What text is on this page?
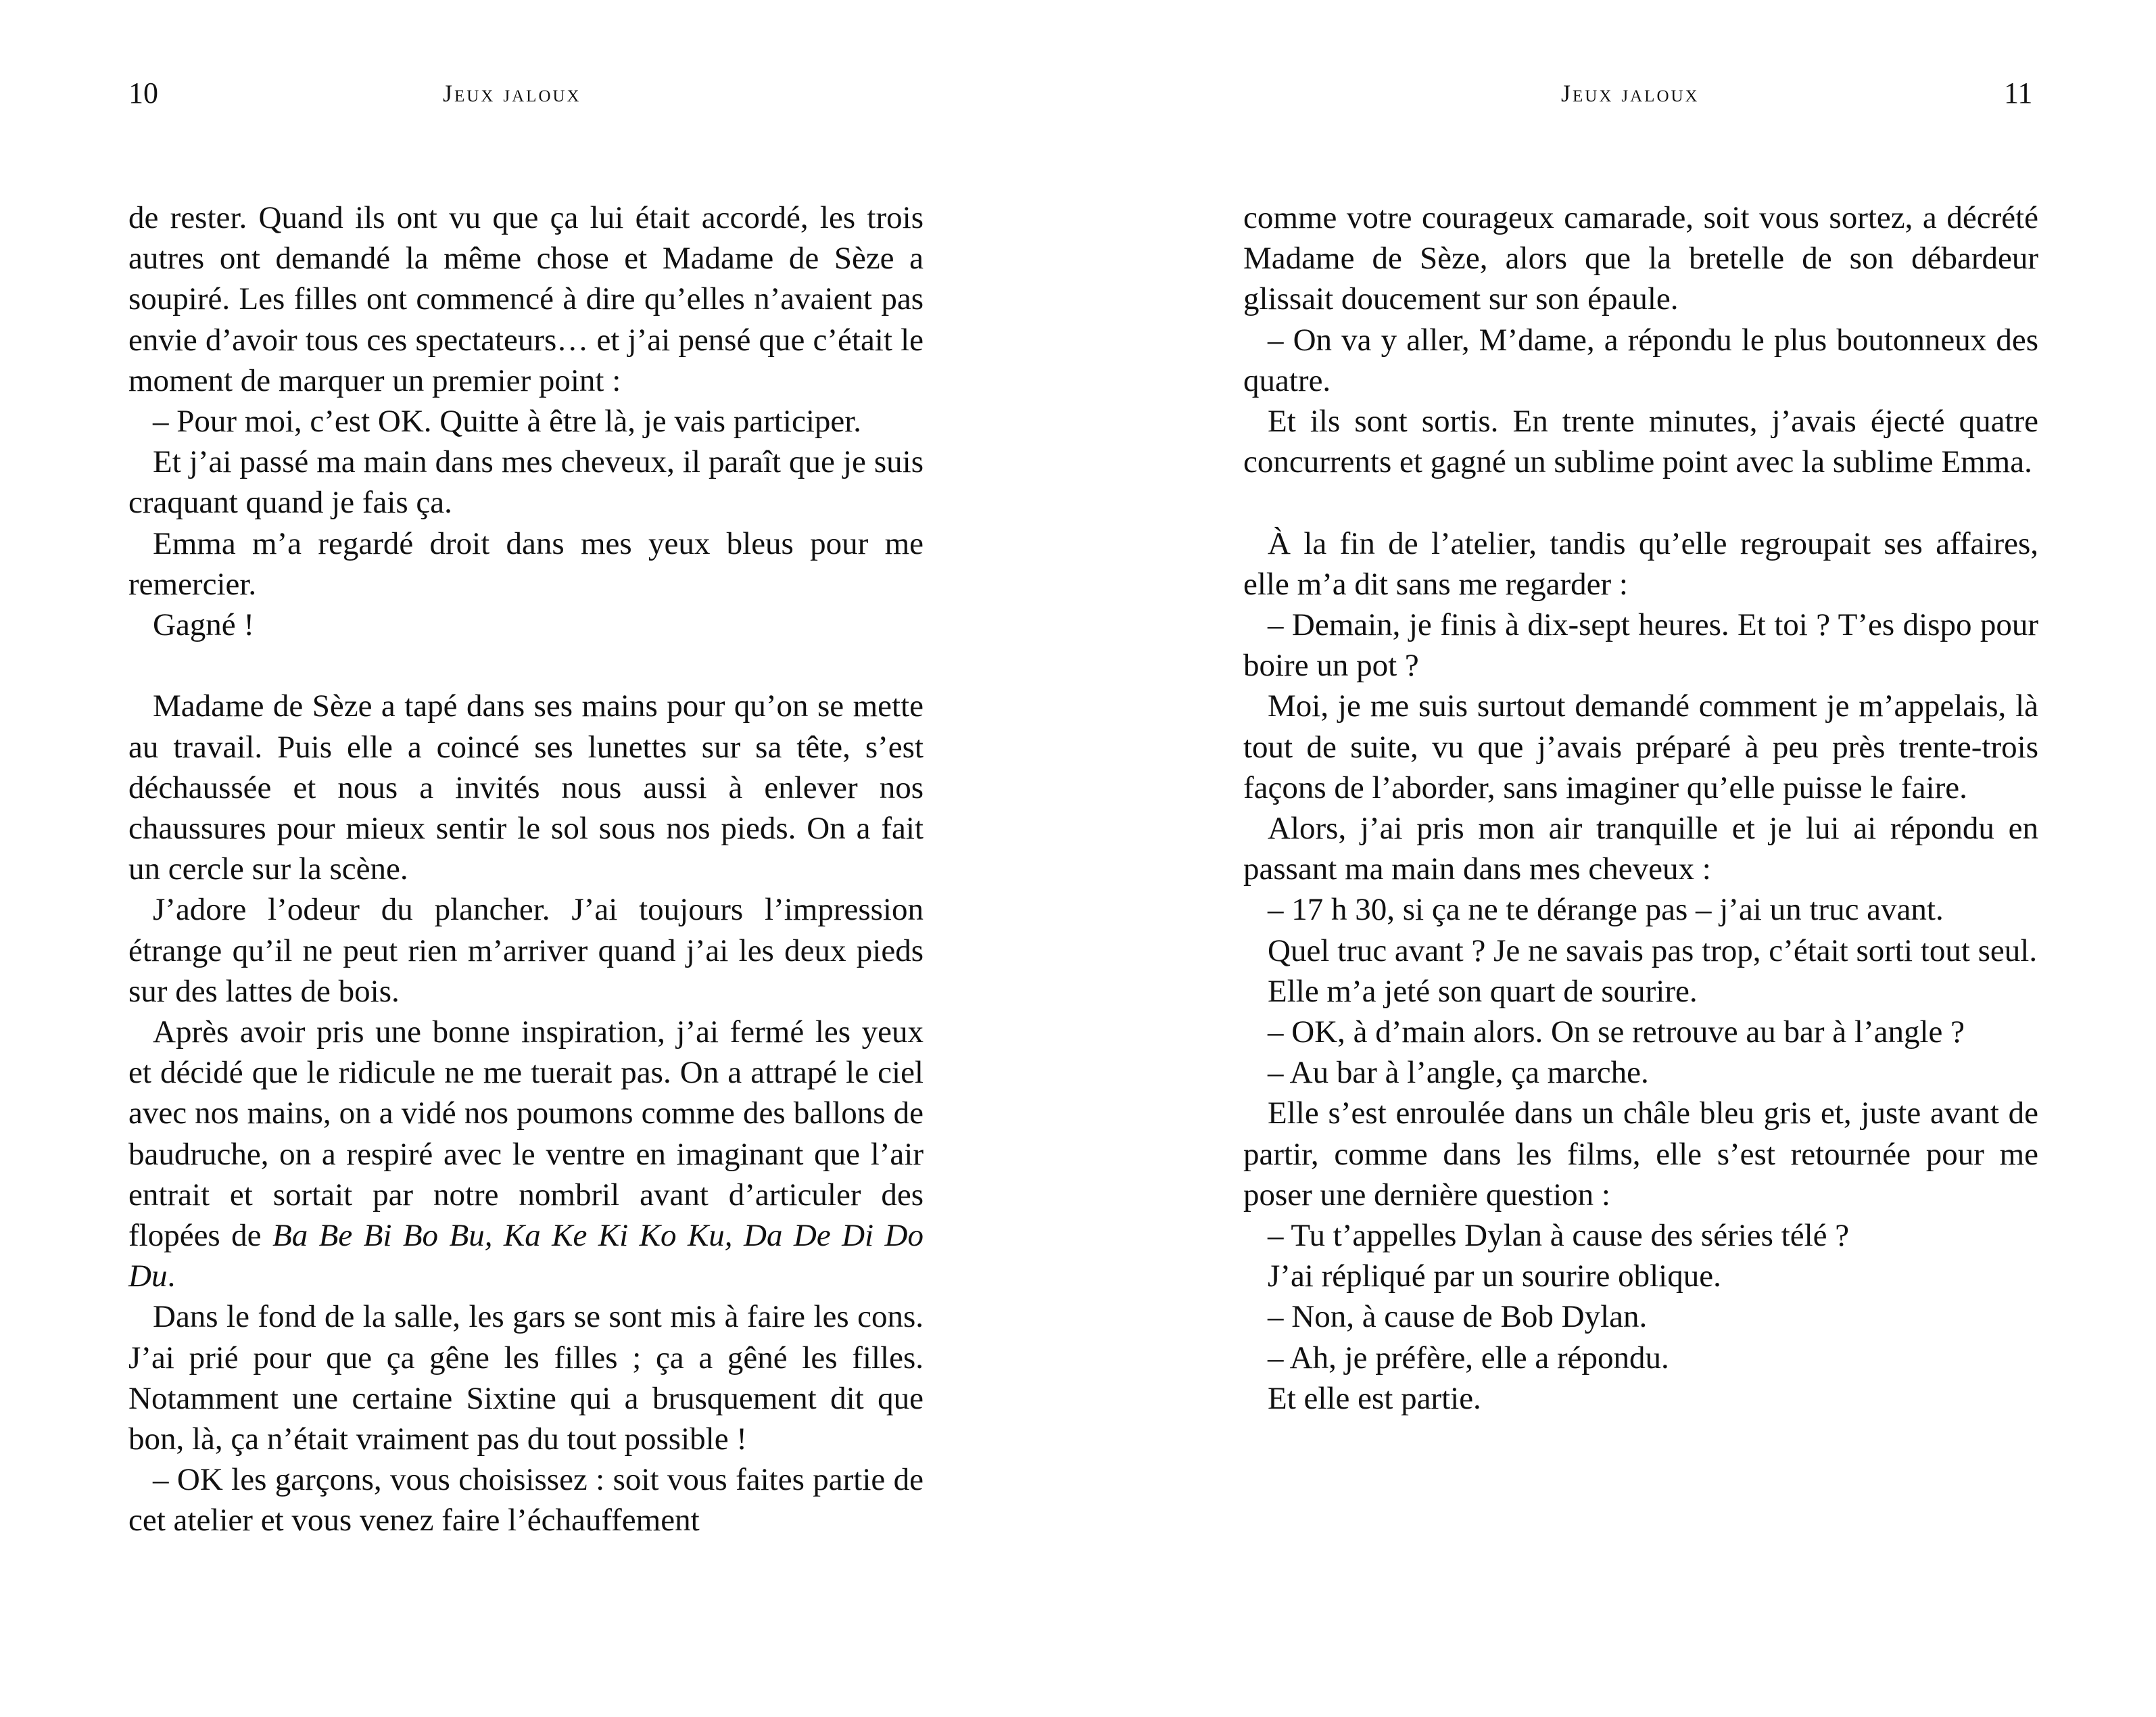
10	Jeux jaloux

de rester. Quand ils ont vu que ça lui était accordé, les trois autres ont demandé la même chose et Madame de Sèze a soupiré. Les filles ont commencé à dire qu’elles n’avaient pas envie d’avoir tous ces spectateurs… et j’ai pensé que c’était le moment de marquer un premier point :

– Pour moi, c’est OK. Quitte à être là, je vais participer.

Et j’ai passé ma main dans mes cheveux, il paraît que je suis craquant quand je fais ça.

Emma m’a regardé droit dans mes yeux bleus pour me remercier.

Gagné !

Madame de Sèze a tapé dans ses mains pour qu’on se mette au travail. Puis elle a coincé ses lunettes sur sa tête, s’est déchaussée et nous a invités nous aussi à enlever nos chaussures pour mieux sentir le sol sous nos pieds. On a fait un cercle sur la scène.

J’adore l’odeur du plancher. J’ai toujours l’impression étrange qu’il ne peut rien m’arriver quand j’ai les deux pieds sur des lattes de bois.

Après avoir pris une bonne inspiration, j’ai fermé les yeux et décidé que le ridicule ne me tuerait pas. On a attrapé le ciel avec nos mains, on a vidé nos poumons comme des ballons de baudruche, on a respiré avec le ventre en imaginant que l’air entrait et sortait par notre nombril avant d’articuler des flopées de Ba Be Bi Bo Bu, Ka Ke Ki Ko Ku, Da De Di Do Du.

Dans le fond de la salle, les gars se sont mis à faire les cons. J’ai prié pour que ça gêne les filles ; ça a gêné les filles. Notamment une certaine Sixtine qui a brusquement dit que bon, là, ça n’était vraiment pas du tout possible !

– OK les garçons, vous choisissez : soit vous faites partie de cet atelier et vous venez faire l’échauffement

Jeux jaloux	11

comme votre courageux camarade, soit vous sortez, a décrété Madame de Sèze, alors que la bretelle de son débardeur glissait doucement sur son épaule.

– On va y aller, M’dame, a répondu le plus boutonneux des quatre.

Et ils sont sortis. En trente minutes, j’avais éjecté quatre concurrents et gagné un sublime point avec la sublime Emma.

À la fin de l’atelier, tandis qu’elle regroupait ses affaires, elle m’a dit sans me regarder :

– Demain, je finis à dix-sept heures. Et toi ? T’es dispo pour boire un pot ?

Moi, je me suis surtout demandé comment je m’appelais, là tout de suite, vu que j’avais préparé à peu près trente-trois façons de l’aborder, sans imaginer qu’elle puisse le faire.

Alors, j’ai pris mon air tranquille et je lui ai répondu en passant ma main dans mes cheveux :

– 17 h 30, si ça ne te dérange pas – j’ai un truc avant.

Quel truc avant ? Je ne savais pas trop, c’était sorti tout seul.

Elle m’a jeté son quart de sourire.

– OK, à d’main alors. On se retrouve au bar à l’angle ?

– Au bar à l’angle, ça marche.

Elle s’est enroulée dans un châle bleu gris et, juste avant de partir, comme dans les films, elle s’est retournée pour me poser une dernière question :

– Tu t’appelles Dylan à cause des séries télé ?

J’ai répliqué par un sourire oblique.

– Non, à cause de Bob Dylan.

– Ah, je préfère, elle a répondu.

Et elle est partie.
